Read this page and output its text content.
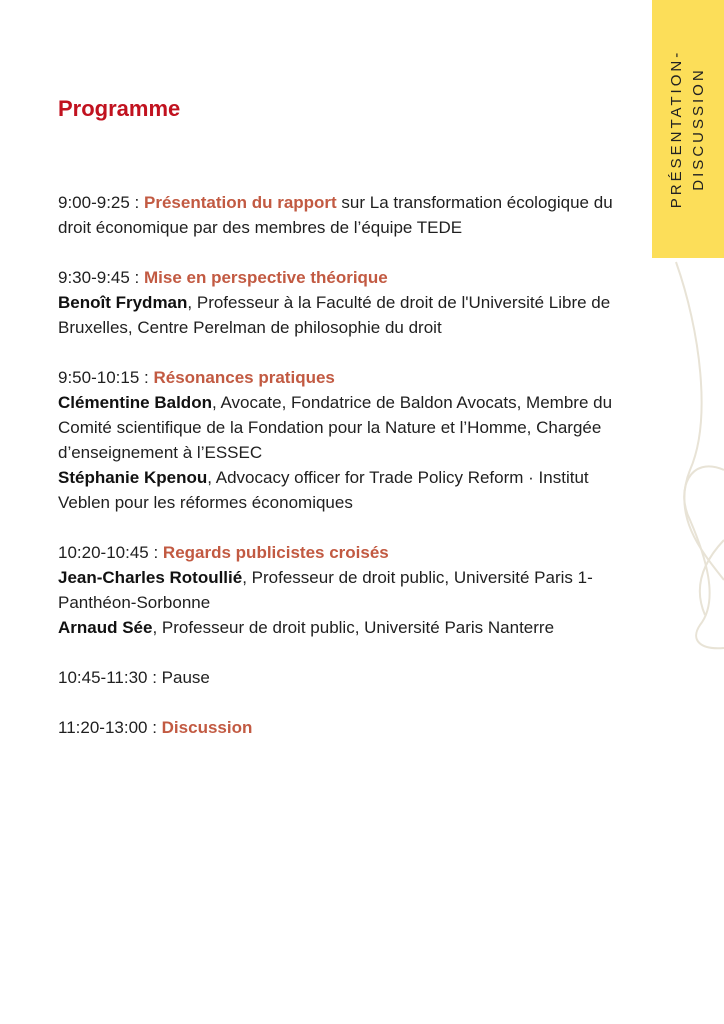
PRÉSENTATION-
DISCUSSION
Programme

9:00-9:25 : Présentation du rapport sur La transformation écologique du droit économique par des membres de l’équipe TEDE

9:30-9:45 : Mise en perspective théorique

Benoît Frydman, Professeur à la Faculté de droit de l'Université Libre de Bruxelles, Centre Perelman de philosophie du droit

9:50-10:15 : Résonances pratiques

Clémentine Baldon, Avocate, Fondatrice de Baldon Avocats, Membre du Comité scientifique de la Fondation pour la Nature et l’Homme, Chargée d’enseignement à l’ESSEC

Stéphanie Kpenou, Advocacy officer for Trade Policy Reform · Institut Veblen pour les réformes économiques

10:20-10:45 : Regards publicistes croisés

Jean-Charles Rotoullié, Professeur de droit public, Université Paris 1-Panthéon-Sorbonne

Arnaud Sée, Professeur de droit public, Université Paris Nanterre

10:45-11:30 : Pause

11:20-13:00 : Discussion
